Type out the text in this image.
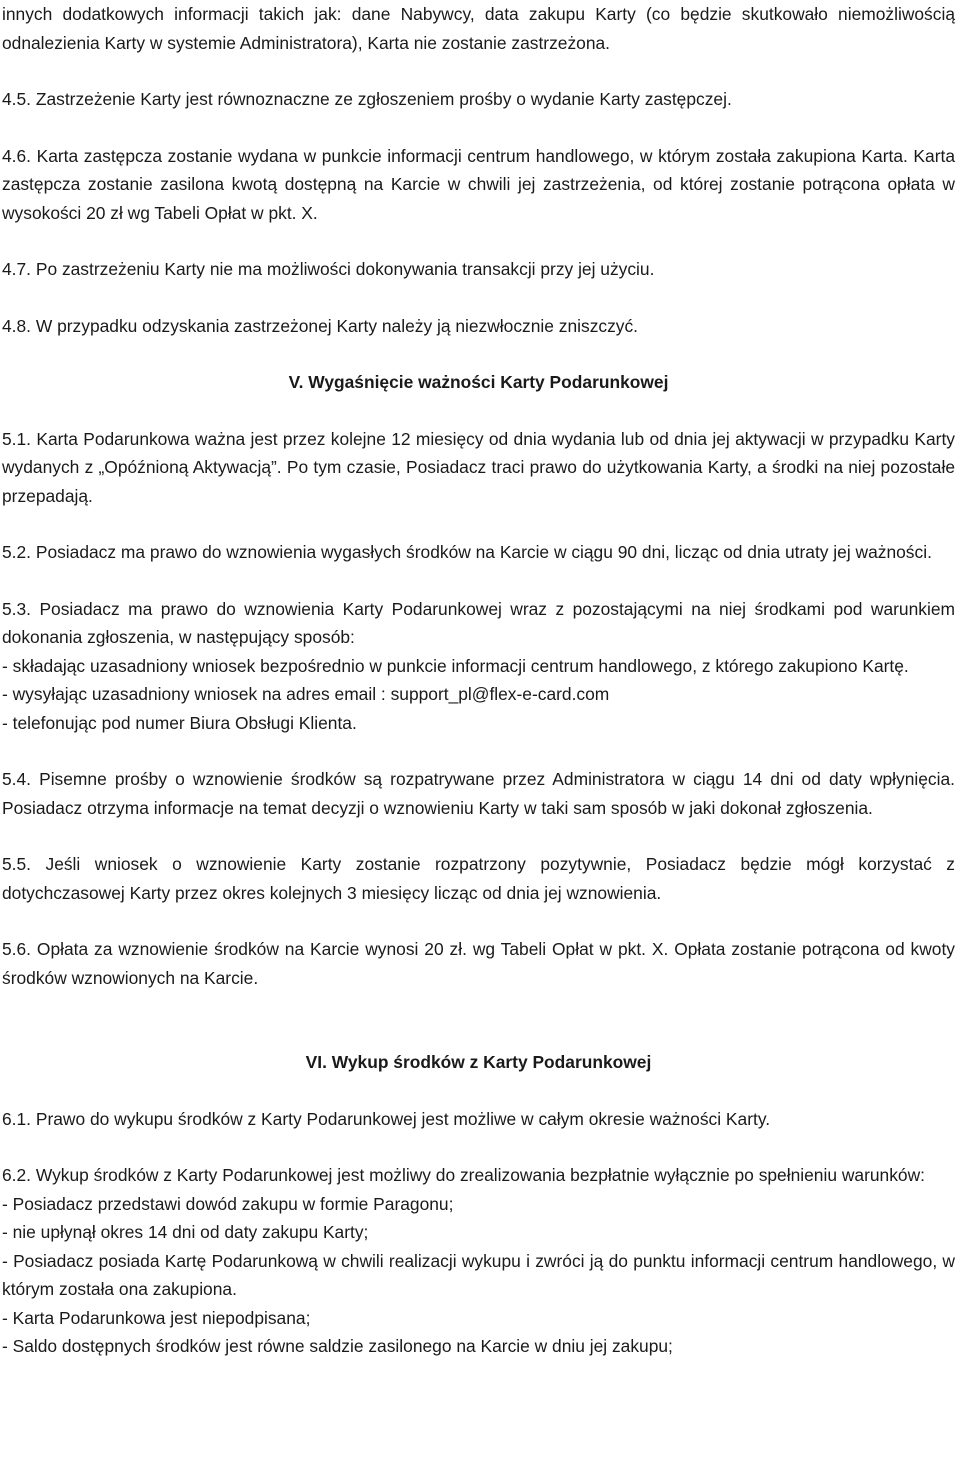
innych dodatkowych informacji takich jak: dane Nabywcy, data zakupu Karty (co będzie skutkowało niemożliwością odnalezienia Karty w systemie Administratora), Karta nie zostanie zastrzeżona.

4.5. Zastrzeżenie Karty jest równoznaczne ze zgłoszeniem prośby o wydanie Karty zastępczej.

4.6. Karta zastępcza zostanie wydana w punkcie informacji centrum handlowego, w którym została zakupiona Karta. Karta zastępcza zostanie zasilona kwotą dostępną na Karcie w chwili jej zastrzeżenia, od której zostanie potrącona opłata w wysokości 20 zł wg Tabeli Opłat w pkt. X.

4.7. Po zastrzeżeniu Karty nie ma możliwości dokonywania transakcji przy jej użyciu.

4.8. W przypadku odzyskania zastrzeżonej Karty należy ją niezwłocznie zniszczyć.

V. Wygaśnięcie ważności Karty Podarunkowej

5.1. Karta Podarunkowa ważna jest przez kolejne 12 miesięcy od dnia wydania lub od dnia jej aktywacji w przypadku Karty wydanych z „Opóźnioną Aktywacją”. Po tym czasie, Posiadacz traci prawo do użytkowania Karty, a środki na niej pozostałe przepadają.

5.2. Posiadacz ma prawo do wznowienia wygasłych środków na Karcie w ciągu 90 dni, licząc od dnia utraty jej ważności.

5.3. Posiadacz ma prawo do wznowienia Karty Podarunkowej wraz z pozostającymi na niej środkami pod warunkiem dokonania zgłoszenia, w następujący sposób:

- składając uzasadniony wniosek bezpośrednio w punkcie informacji centrum handlowego, z którego zakupiono Kartę.

- wysyłając uzasadniony wniosek na adres email : support_pl@flex-e-card.com

- telefonując pod numer Biura Obsługi Klienta.

5.4. Pisemne prośby o wznowienie środków są rozpatrywane przez Administratora w ciągu 14 dni od daty wpłynięcia. Posiadacz otrzyma informacje na temat decyzji o wznowieniu Karty w taki sam sposób w jaki dokonał zgłoszenia.

5.5. Jeśli wniosek o wznowienie Karty zostanie rozpatrzony pozytywnie, Posiadacz będzie mógł korzystać z dotychczasowej Karty przez okres kolejnych 3 miesięcy licząc od dnia jej wznowienia.

5.6. Opłata za wznowienie środków na Karcie wynosi 20 zł. wg Tabeli Opłat w pkt. X. Opłata zostanie potrącona od kwoty środków wznowionych na Karcie.

VI. Wykup środków z Karty Podarunkowej

6.1. Prawo do wykupu środków z Karty Podarunkowej jest możliwe w całym okresie ważności Karty.

6.2. Wykup środków z Karty Podarunkowej jest możliwy do zrealizowania bezpłatnie wyłącznie po spełnieniu warunków:

- Posiadacz przedstawi dowód zakupu w formie Paragonu;

- nie upłynął okres 14 dni od daty zakupu Karty;

- Posiadacz posiada Kartę Podarunkową w chwili realizacji wykupu i zwróci ją do punktu informacji centrum handlowego, w którym została ona zakupiona.

- Karta Podarunkowa jest niepodpisana;

- Saldo dostępnych środków jest równe saldzie zasilonego na Karcie w dniu jej zakupu;
